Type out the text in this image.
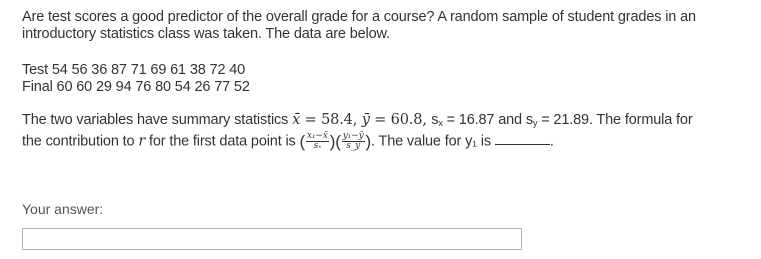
Are test scores a good predictor of the overall grade for a course? A random sample of student grades in an
introductory statistics class was taken. The data are below.

Test 54 56 36 87 71 69 61 38 72 40
Final 60 60 29 94 76 80 54 26 77 52

The two variables have summary statistics x̄ = 58.4, ȳ = 60.8, $s_x = 16.87$ and $s_y = 21.89$. The formula for
the contribution to r for the first data point is ( $\frac{\text{x₁−x̄}}{\text{sₓ}}$ )( $\frac{\text{y₁−ȳ}}{s\_y}$ ). The value for y₁ is	.

Your answer:
